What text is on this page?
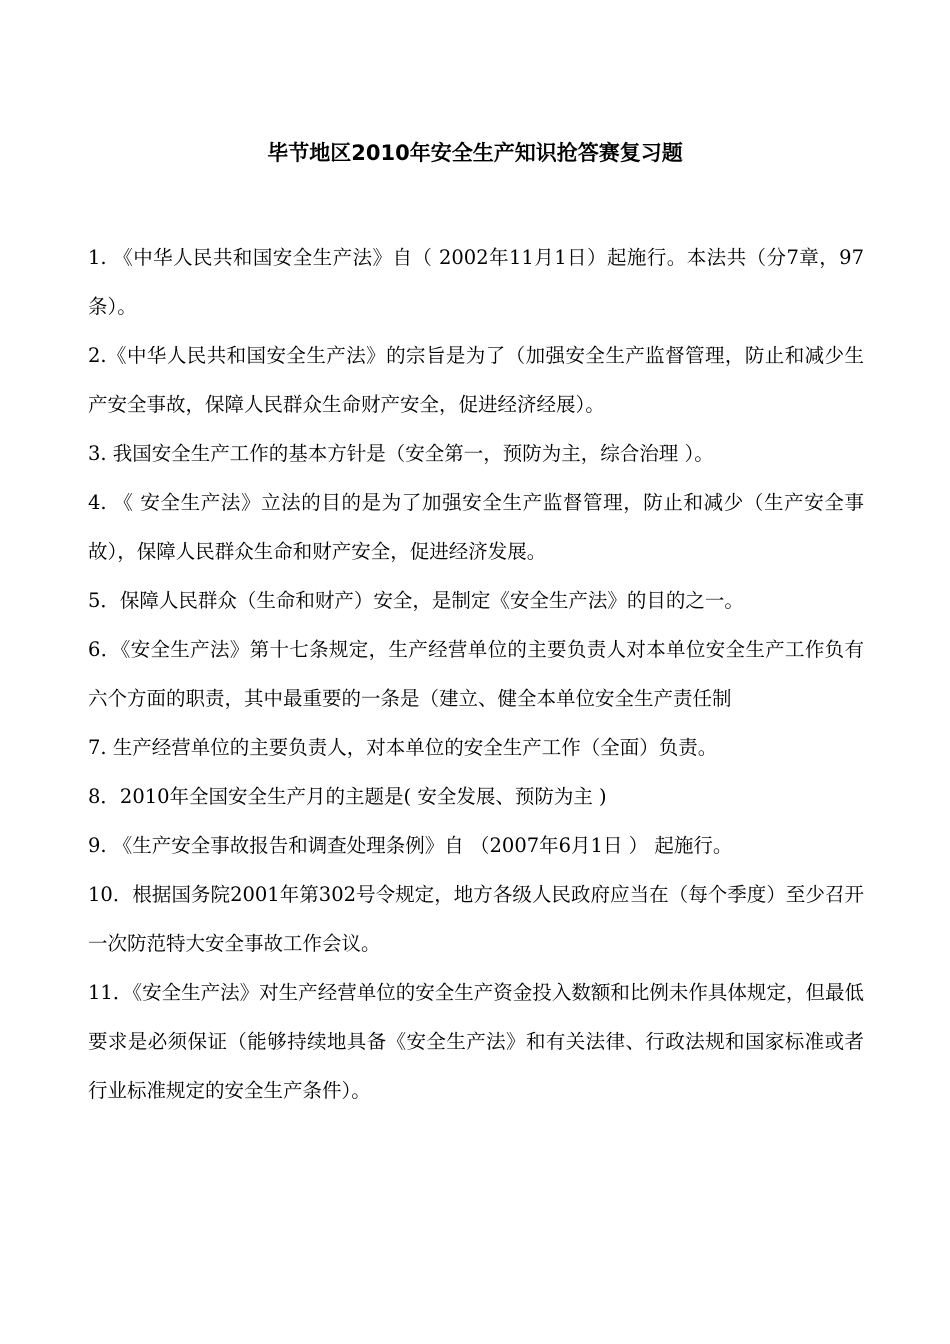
毕节地区2010年安全生产知识抢答赛复习题
1. 《中华人民共和国安全生产法》自（ 2002年11月1日）起施行。本法共（分7章，97条）。
2.《中华人民共和国安全生产法》的宗旨是为了（加强安全生产监督管理，防止和减少生产安全事故，保障人民群众生命财产安全，促进经济经展）。
3. 我国安全生产工作的基本方针是（安全第一，预防为主，综合治理 ）。
4. 《 安全生产法》立法的目的是为了加强安全生产监督管理，防止和减少（生产安全事故），保障人民群众生命和财产安全，促进经济发展。
5．保障人民群众（生命和财产）安全，是制定《安全生产法》的目的之一。
6．《安全生产法》第十七条规定，生产经营单位的主要负责人对本单位安全生产工作负有六个方面的职责，其中最重要的一条是（建立、健全本单位安全生产责任制
7. 生产经营单位的主要负责人，对本单位的安全生产工作（全面）负责。
8．2010年全国安全生产月的主题是( 安全发展、预防为主 )
9. 《生产安全事故报告和调查处理条例》自 （2007年6月1日 ） 起施行。
10．根据国务院2001年第302号令规定，地方各级人民政府应当在（每个季度）至少召开一次防范特大安全事故工作会议。
11．《安全生产法》对生产经营单位的安全生产资金投入数额和比例未作具体规定，但最低要求是必须保证（能够持续地具备《安全生产法》和有关法律、行政法规和国家标准或者行业标准规定的安全生产条件）。
